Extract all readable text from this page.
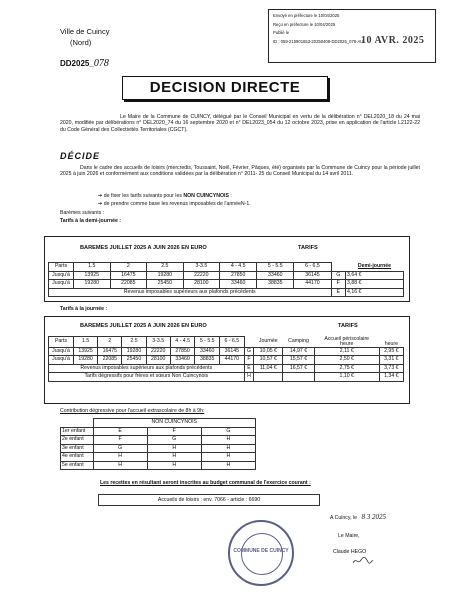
Ville de Cuincy
(Nord)
Envoyé en préfecture le 10/04/2025
Reçu en préfecture le 10/04/2025
Publié le
10 AVR. 2025
ID : 059-215901653-20250408-DD2025_078-AU
DD2025_078
DECISION DIRECTE
Le Maire de la Commune de CUINCY, délégué par le Conseil Municipal en vertu de la délibération n° DEL2020_18 du 24 mai 2020, modifiée par délibérations n° DEL2020_74 du 16 septembre 2020 et n° DEL2023_054 du 12 octobre 2023, prise en application de l'article L2122-22 du Code Général des Collectivités Territoriales (CGCT).
DÉCIDE
Dans le cadre des accueils de loisirs (mercredis, Toussaint, Noël, Février, Pâques, été) organisés par la Commune de Cuincy pour la période juillet 2025 à juin 2026 et conformément aux conditions validées par la délibération n° 2011- 25 du Conseil Municipal du 14 avril 2011.
➔ de fixer les tarifs suivants pour les NON CUINCYNOIS :
➔ de prendre comme base les revenus imposables de l'annéeN-1.
Barèmes suivants :
Tarifs à la demi-journée :
BAREMES JUILLET 2025 A JUIN 2026 EN EURO	TARIFS
Parts	1.5	2	2.5	3-3.5	4 - 4.5	5 - 5.5	6 - 6.5		Demi-journée
Jusqu'à	13925	16475	19280	22220	27850	33460	36145	G	3,64 €
Jusqu'à	19280	22085	25450	28100	33460	38835	44170	F	3,88 €
Revenus imposables supérieurs aux plafonds précédents								E	4,16 €
Tarifs à la journée :
BAREMES JUILLET 2025 A JUIN 2026 EN EURO	TARIFS
Parts	1.5	2	2.5	3-3.5	4 - 4.5	5 - 5.5	6 - 6.5		Journée	Camping	Accueil périscolaire
heure	heure
Jusqu'à	13925	16475	19280	22220	27850	33460	36145	G	10,05 €	14,97 €	2,11 €	2,95 €
Jusqu'à	19280	22085	25450	28100	33460	38835	44170	F	10,57 €	15,57 €	2,50 €	3,31 €
Revenus imposables supérieurs aux plafonds précédents								E	11,04 €	16,57 €	2,75 €	3,73 €
Tarifs dégressifs pour frères et sœurs Non Cuincynois								H			1,10 €	1,34 €
Contribution dégressive pour l'accueil extrascolaire de 8h à 9h:
	NON CUINCYNOIS		
1er enfant	E	F	G
2e enfant	F	G	H
3e enfant	G	H	H
4e enfant	H	H	H
5e enfant	H	H	H
Les recettes en résultant seront inscrites au budget communal de l'exercice courant :
Accueils de loisirs : env. 7066 - article : 6690
A Cuincy, le 8 3 2025
Le Maire,
Claude HEGO
COMMUNE DE CUINCY
